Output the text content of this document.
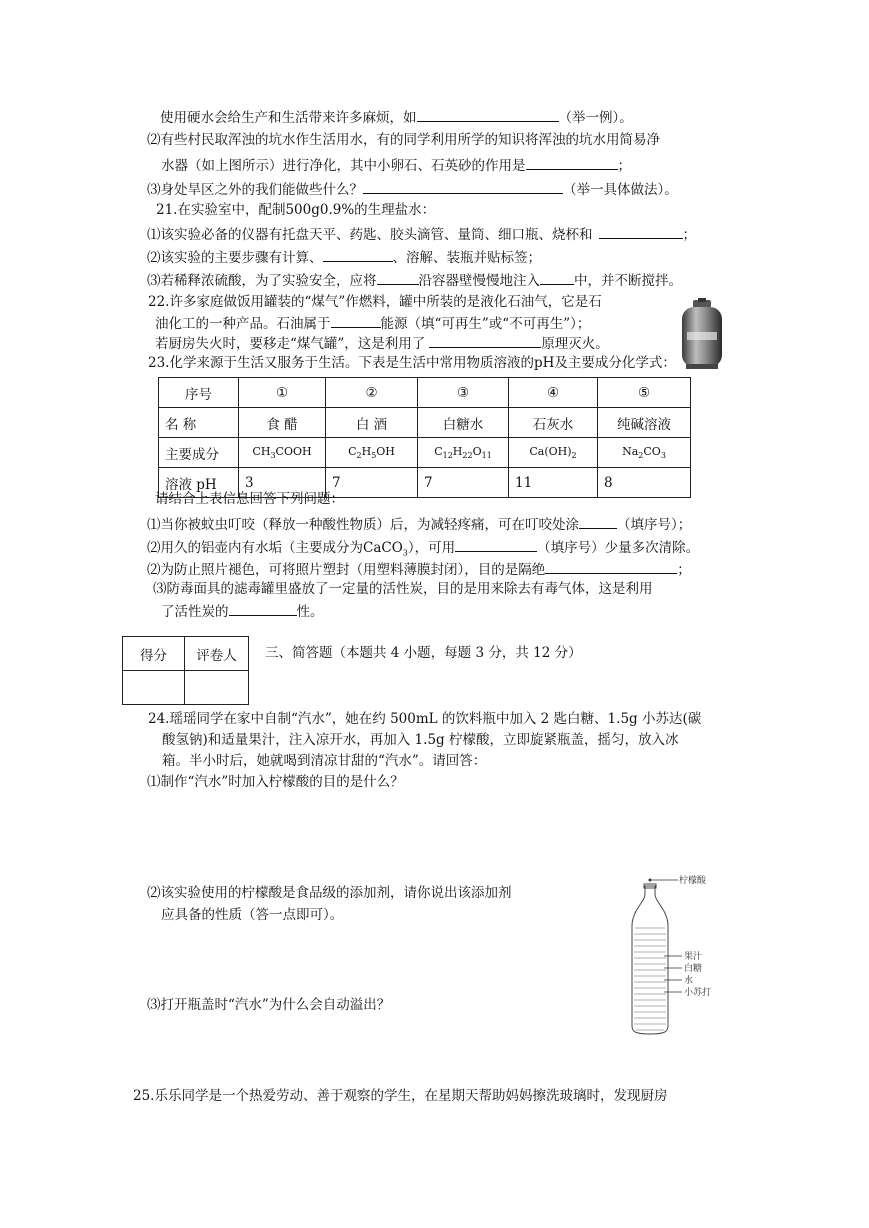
使用硬水会给生产和生活带来许多麻烦，如	（举一例）。
⑵有些村民取浑浊的坑水作生活用水，有的同学利用所学的知识将浑浊的坑水用简易净
水器（如上图所示）进行净化，其中小卵石、石英砂的作用是	；
⑶身处旱区之外的我们能做些什么？	（举一具体做法）。
21.在实验室中，配制500g0.9%的生理盐水：
⑴该实验必备的仪器有托盘天平、药匙、胶头滴管、量筒、细口瓶、烧杯和	；
⑵该实验的主要步骤有计算、	、溶解、装瓶并贴标签；
⑶若稀释浓硫酸，为了实验安全，应将	沿容器壁慢慢地注入	中，并不断搅拌。
22.许多家庭做饭用罐装的“煤气”作燃料，罐中所装的是液化石油气，它是石
油化工的一种产品。石油属于	能源（填“可再生”或“不可再生”）；
若厨房失火时，要移走“煤气罐”，这是利用了	原理灭火。
23.化学来源于生活又服务于生活。下表是生活中常用物质溶液的pH及主要成分化学式：
序号	①	②	③	④	⑤
名 称	食 醋	白 酒	白糖水	石灰水	纯碱溶液
主要成分	$CH_3COOH$	$C_2H_5OH$	$C_{12}H_{22}O_{11}$	$Ca(OH)_2$	$Na_2CO_3$
溶液 pH	3	7	7	11	8
请结合上表信息回答下列问题：
⑴当你被蚊虫叮咬（释放一种酸性物质）后，为减轻疼痛，可在叮咬处涂	（填序号）；
⑵用久的铝壶内有水垢（主要成分为CaCO$_3$），可用	（填序号）少量多次清除。
⑵为防止照片褪色，可将照片塑封（用塑料薄膜封闭），目的是隔绝	；
⑶防毒面具的滤毒罐里盛放了一定量的活性炭，目的是用来除去有毒气体，这是利用
了活性炭的	性。
得分	评卷人
	三、简答题（本题共 4 小题，每题 3 分，共 12 分）
24.瑶瑶同学在家中自制“汽水”，她在约 500mL 的饮料瓶中加入 2 匙白糖、1.5g 小苏达(碳
酸氢钠)和适量果汁，注入凉开水，再加入 1.5g 柠檬酸，立即旋紧瓶盖，摇匀，放入冰
箱。半小时后，她就喝到清凉甘甜的“汽水”。请回答：
⑴制作“汽水”时加入柠檬酸的目的是什么？
⑵该实验使用的柠檬酸是食品级的添加剂，请你说出该添加剂
应具备的性质（答一点即可）。
⑶打开瓶盖时“汽水”为什么会自动溢出？
柠檬酸
果汁
白糖
水
小苏打
25.乐乐同学是一个热爱劳动、善于观察的学生，在星期天帮助妈妈擦洗玻璃时，发现厨房
